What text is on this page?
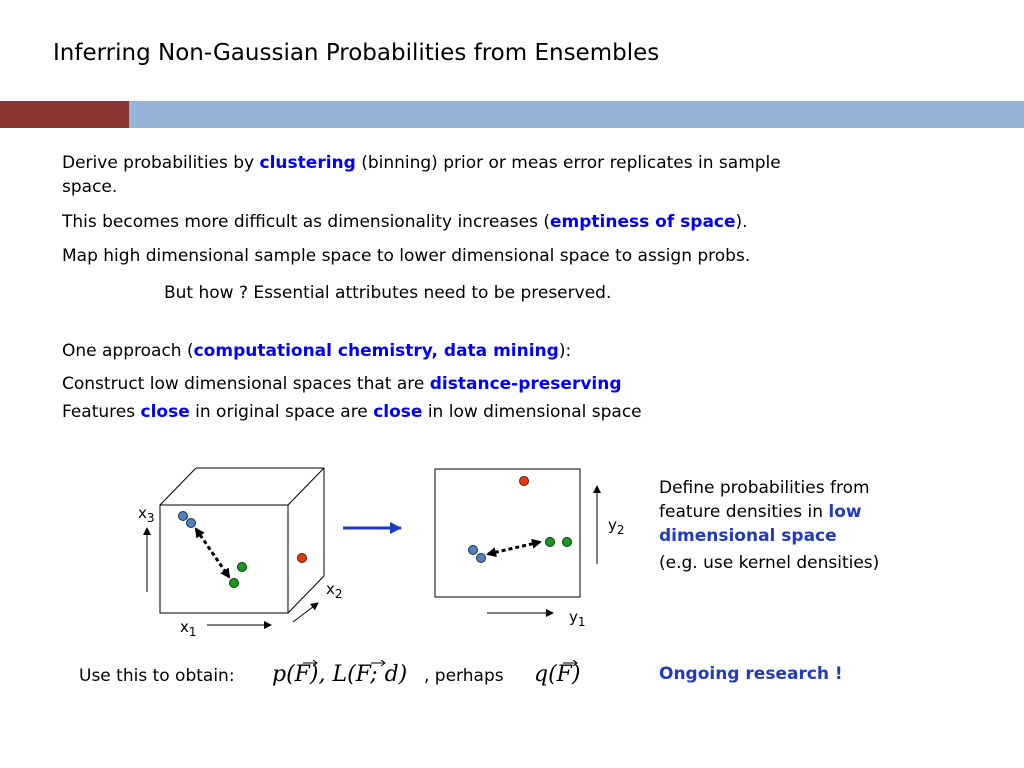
Inferring Non-Gaussian Probabilities from Ensembles
Derive probabilities by clustering (binning) prior or meas error replicates in sample
space.
This becomes more difficult as dimensionality increases (emptiness of space).
Map high dimensional sample space to lower dimensional space to assign probs.
But how ? Essential attributes need to be preserved.
One approach (computational chemistry, data mining):
Construct low dimensional spaces that are distance-preserving
Features close in original space are close in low dimensional space
$x_3$
$x_1$
$x_2$
$y_2$
$y_1$
Define probabilities from
feature densities in low
dimensional space
(e.g. use kernel densities)
Use this to obtain: p(F), L(F; d) , perhaps q(F)	Ongoing research !
